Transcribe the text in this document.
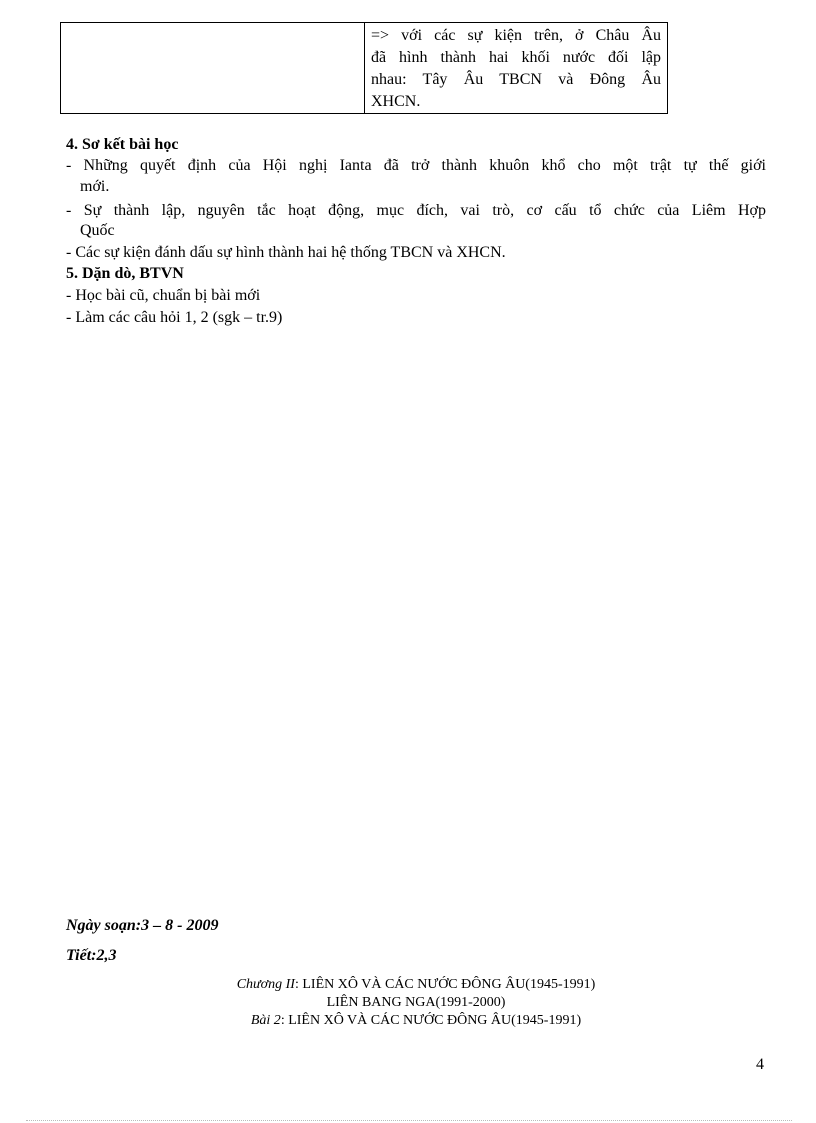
=> với các sự kiện trên, ở Châu Âu
đã hình thành hai khối nước đối lập
nhau: Tây Âu TBCN và Đông Âu
XHCN.
4. Sơ kết bài học
- Những quyết định của Hội nghị Ianta đã trở thành khuôn khổ cho một trật tự thế giới
mới.
- Sự thành lập, nguyên tắc hoạt động, mục đích, vai trò, cơ cấu tổ chức của Liêm Hợp
Quốc
- Các sự kiện đánh dấu sự hình thành hai hệ thống TBCN và XHCN.
5. Dặn dò, BTVN
- Học bài cũ, chuẩn bị bài mới
- Làm các câu hỏi 1, 2 (sgk – tr.9)
Ngày soạn:3 – 8 - 2009
Tiết:2,3
Chương II: LIÊN XÔ VÀ CÁC NƯỚC ĐÔNG ÂU(1945-1991)
LIÊN BANG NGA(1991-2000)
Bài 2: LIÊN XÔ VÀ CÁC NƯỚC ĐÔNG ÂU(1945-1991)
4
